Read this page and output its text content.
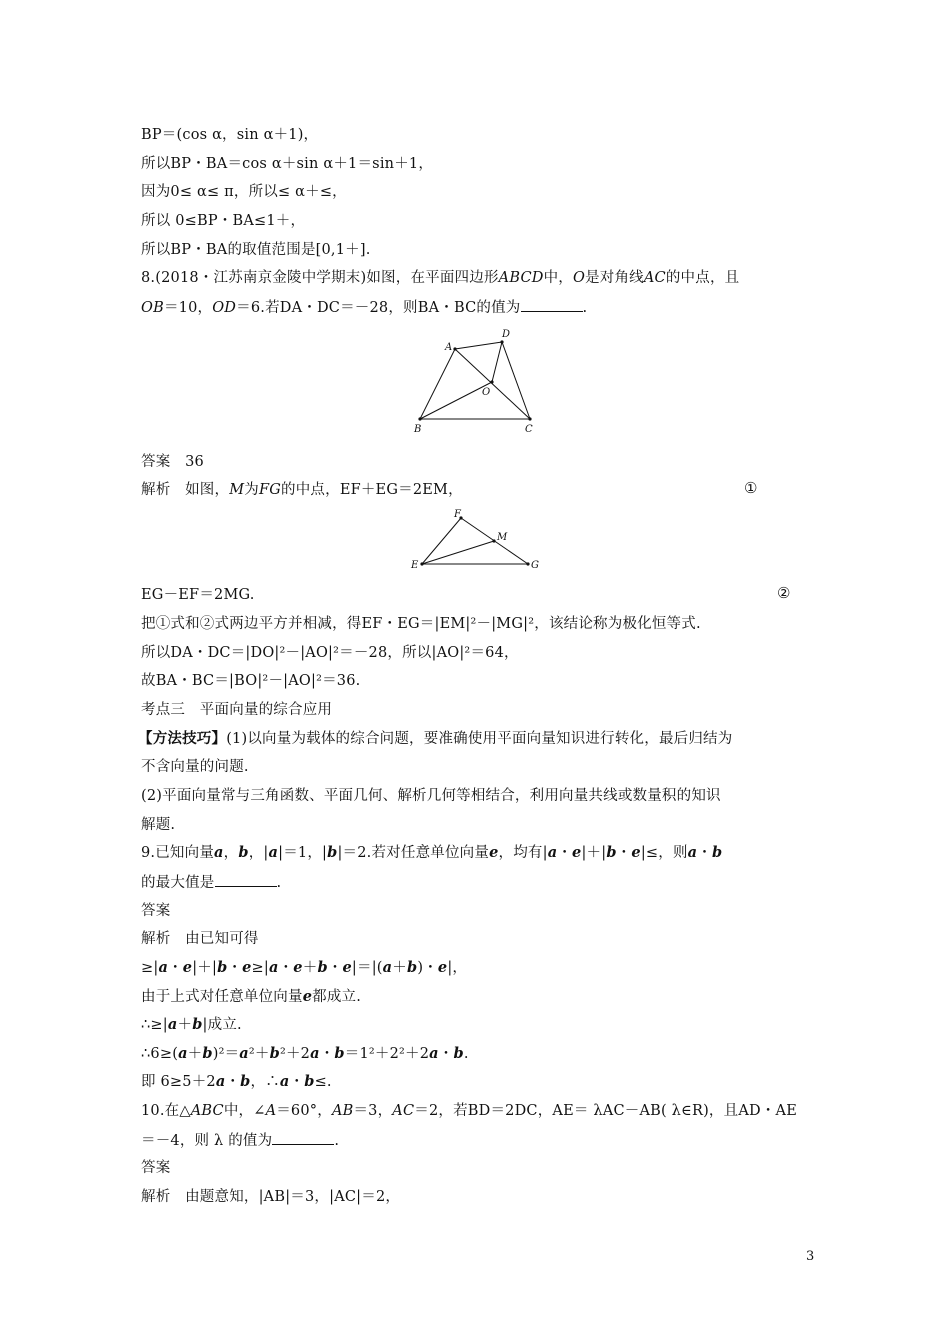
BP＝(cos α，sin α＋1)，
所以BP・BA＝cos α＋sin α＋1＝sin＋1，
因为0≤ α≤ π，所以≤ α＋≤，
所以 0≤BP・BA≤1＋，
所以BP・BA的取值范围是[0,1＋].
8.(2018・江苏南京金陵中学期末)如图，在平面四边形ABCD中，O是对角线AC的中点，且
OB＝10，OD＝6.若DA・DC＝－28，则BA・BC的值为	.
A
B	C
D
O
答案　36
解析　如图，M为FG的中点，EF＋EG＝2EM，	①
E
F
G
M
EG－EF＝2MG.	②
把①式和②式两边平方并相减，得EF・EG＝|EM|²－|MG|²，该结论称为极化恒等式.
所以DA・DC＝|DO|²－|AO|²＝－28，所以|AO|²＝64，
故BA・BC＝|BO|²－|AO|²＝36.
考点三　平面向量的综合应用
【方法技巧】(1)以向量为载体的综合问题，要准确使用平面向量知识进行转化，最后归结为
不含向量的问题.
(2)平面向量常与三角函数、平面几何、解析几何等相结合，利用向量共线或数量积的知识
解题.
9.已知向量a，b，|a|＝1，|b|＝2.若对任意单位向量e，均有|a・e|＋|b・e|≤，则a・b
的最大值是	.
答案
解析　由已知可得
≥|a・e|＋|b・e≥|a・e＋b・e|＝|(a＋b)・e|，
由于上式对任意单位向量e都成立.
∴≥|a＋b|成立.
∴6≥(a＋b)²＝a²＋b²＋2a・b＝1²＋2²＋2a・b.
即 6≥5＋2a・b，∴a・b≤.
10.在△ABC中，∠A＝60°，AB＝3，AC＝2，若BD＝2DC，AE＝ λAC－AB( λ∈R)，且AD・AE
＝－4，则 λ 的值为	.
答案
解析　由题意知，|AB|＝3，|AC|＝2，
3
